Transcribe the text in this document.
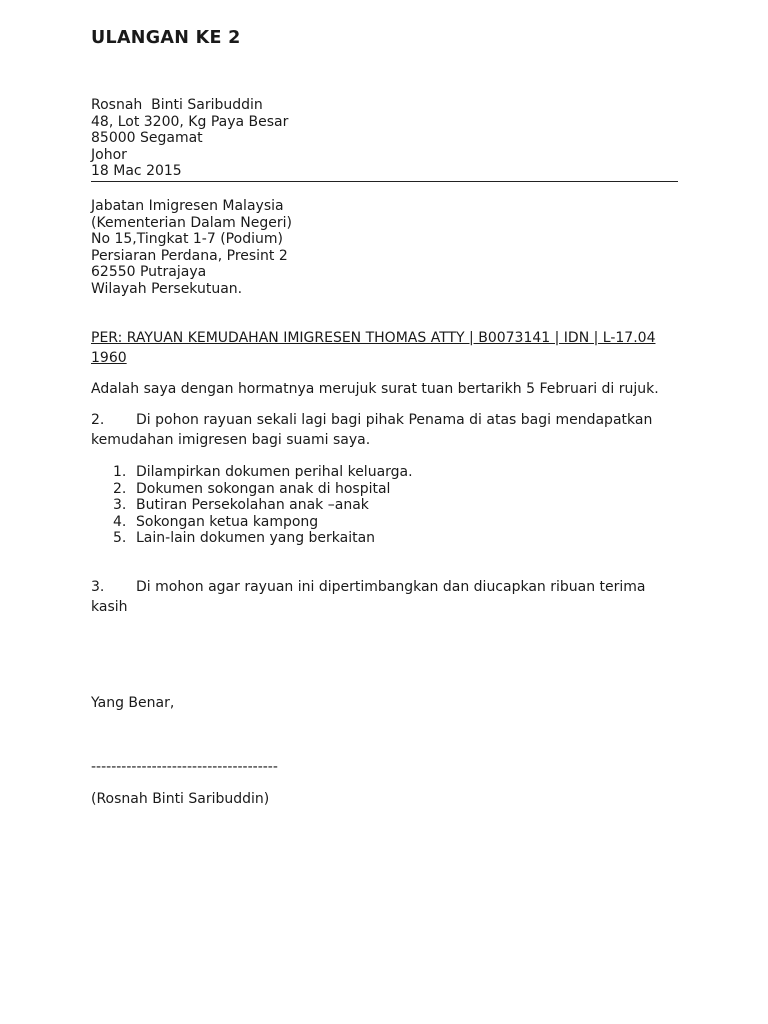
ULANGAN KE 2
Rosnah  Binti Saribuddin
48, Lot 3200, Kg Paya Besar
85000 Segamat
Johor
18 Mac 2015
Jabatan Imigresen Malaysia
(Kementerian Dalam Negeri)
No 15,Tingkat 1-7 (Podium)
Persiaran Perdana, Presint 2
62550 Putrajaya
Wilayah Persekutuan.
PER: RAYUAN KEMUDAHAN IMIGRESEN THOMAS ATTY | B0073141 | IDN | L-17.04 1960
Adalah saya dengan hormatnya merujuk surat tuan bertarikh 5 Februari di rujuk.
2. Di pohon rayuan sekali lagi bagi pihak Penama di atas bagi mendapatkan kemudahan imigresen bagi suami saya.
1. Dilampirkan dokumen perihal keluarga.
2. Dokumen sokongan anak di hospital
3. Butiran Persekolahan anak –anak
4. Sokongan ketua kampong
5. Lain-lain dokumen yang berkaitan
3. Di mohon agar rayuan ini dipertimbangkan dan diucapkan ribuan terima kasih
Yang Benar,
-------------------------------------
(Rosnah Binti Saribuddin)
